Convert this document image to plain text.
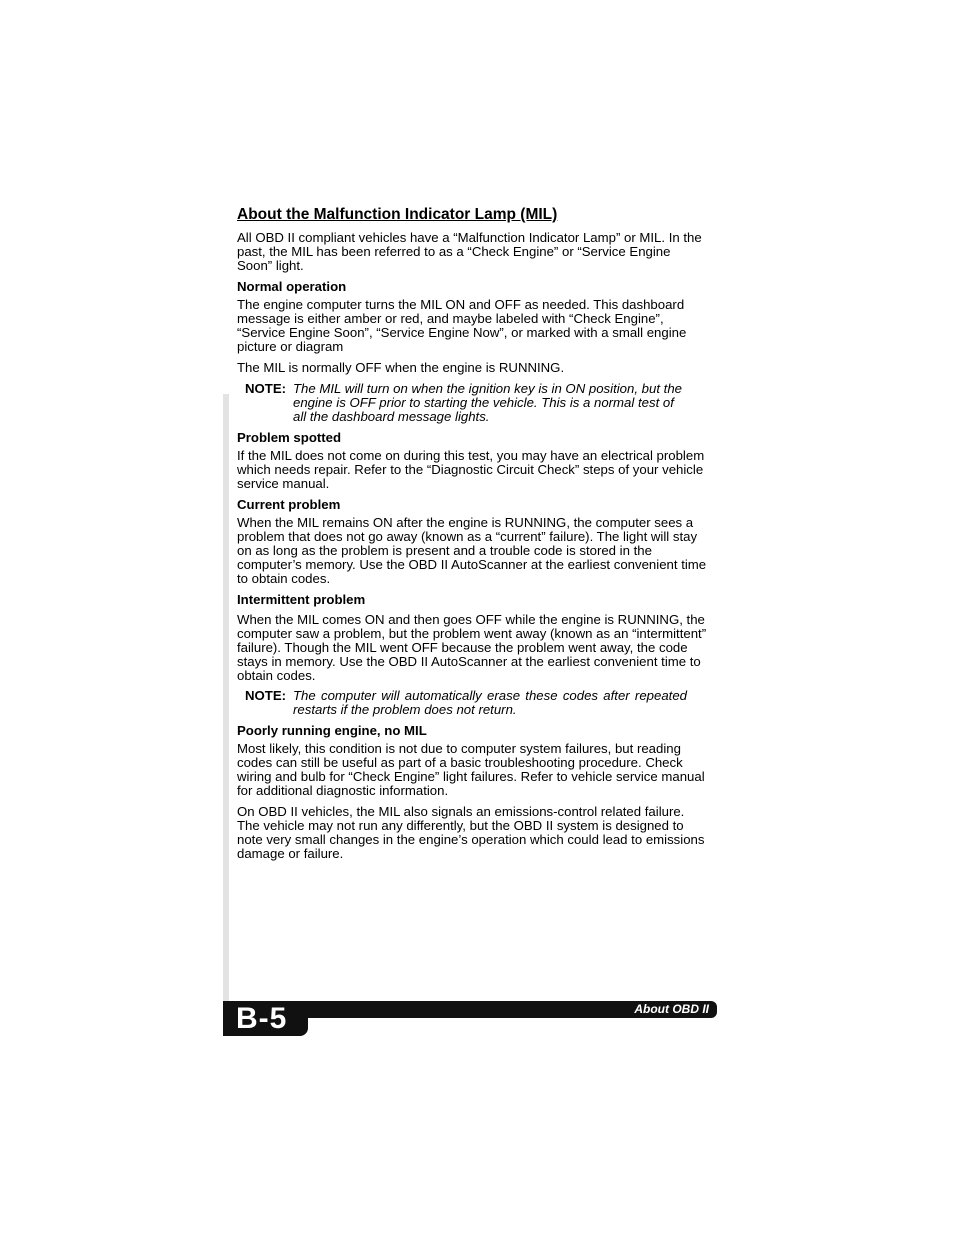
About the Malfunction Indicator Lamp (MIL)

All OBD II compliant vehicles have a “Malfunction Indicator Lamp” or MIL. In the past, the MIL has been referred to as a “Check Engine” or “Service Engine Soon” light.

Normal operation

The engine computer turns the MIL ON and OFF as needed. This dashboard message is either amber or red, and maybe labeled with “Check Engine”, “Service Engine Soon”, “Service Engine Now”, or marked with a small engine picture or diagram

The MIL is normally OFF when the engine is RUNNING.

NOTE: The MIL will turn on when the ignition key is in ON position, but the engine is OFF prior to starting the vehicle. This is a normal test of all the dashboard message lights.
Problem spotted

If the MIL does not come on during this test, you may have an electrical problem which needs repair. Refer to the “Diagnostic Circuit Check” steps of your vehicle service manual.

Current problem

When the MIL remains ON after the engine is RUNNING, the computer sees a problem that does not go away (known as a “current” failure). The light will stay on as long as the problem is present and a trouble code is stored in the computer’s memory. Use the OBD II AutoScanner at the earliest convenient time to obtain codes.

Intermittent problem

When the MIL comes ON and then goes OFF while the engine is RUNNING, the computer saw a problem, but the problem went away (known as an “intermittent” failure). Though the MIL went OFF because the problem went away, the code stays in memory. Use the OBD II AutoScanner at the earliest convenient time to obtain codes.

NOTE: The computer will automatically erase these codes after repeated restarts if the problem does not return.
Poorly running engine, no MIL

Most likely, this condition is not due to computer system failures, but reading codes can still be useful as part of a basic troubleshooting procedure. Check wiring and bulb for “Check Engine” light failures. Refer to vehicle service manual for additional diagnostic information.

On OBD II vehicles, the MIL also signals an emissions-control related failure. The vehicle may not run any differently, but the OBD II system is designed to note very small changes in the engine’s operation which could lead to emissions damage or failure.

About OBD II
B-5
